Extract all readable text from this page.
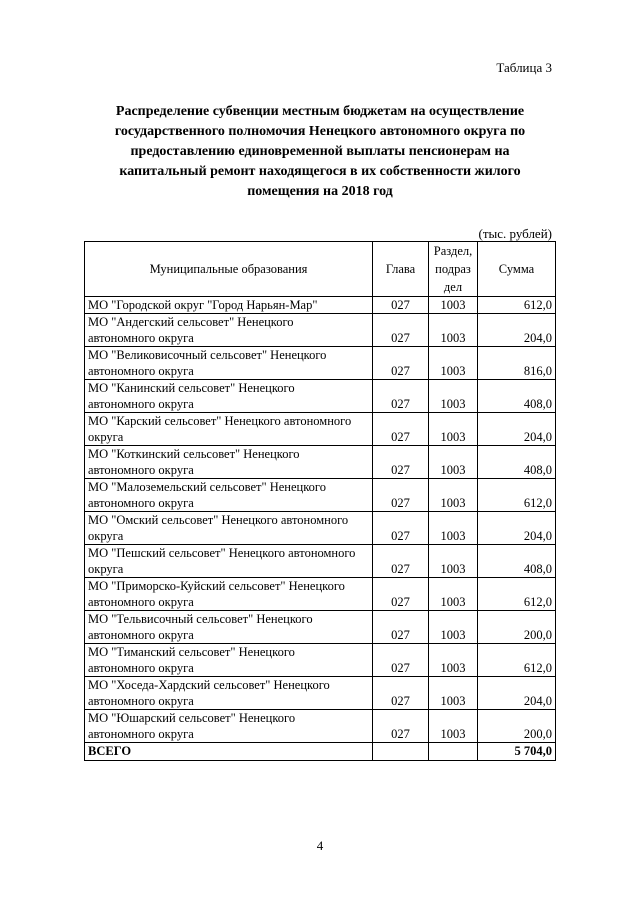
Таблица 3
Распределение субвенции местным бюджетам на осуществление
государственного полномочия Ненецкого автономного округа по
предоставлению единовременной выплаты пенсионерам на
капитальный ремонт находящегося в их собственности жилого
помещения на 2018 год
(тыс. рублей)
Муниципальные образования	Глава	Раздел,
подраз
дел	Сумма

МО "Городской округ "Город Нарьян-Мар"	027	1003	612,0

МО "Андегский сельсовет" Ненецкого
автономного округа	027	1003	204,0

МО "Великовисочный сельсовет" Ненецкого
автономного округа	027	1003	816,0

МО "Канинский сельсовет" Ненецкого
автономного округа	027	1003	408,0

МО "Карский сельсовет" Ненецкого автономного
округа	027	1003	204,0

МО "Коткинский сельсовет" Ненецкого
автономного округа	027	1003	408,0

МО "Малоземельский сельсовет" Ненецкого
автономного округа	027	1003	612,0

МО "Омский сельсовет" Ненецкого автономного
округа	027	1003	204,0

МО "Пешский сельсовет" Ненецкого автономного
округа	027	1003	408,0

МО "Приморско-Куйский сельсовет" Ненецкого
автономного округа	027	1003	612,0

МО "Тельвисочный сельсовет" Ненецкого
автономного округа	027	1003	200,0

МО "Тиманский сельсовет" Ненецкого
автономного округа	027	1003	612,0

МО "Хоседа-Хардский сельсовет" Ненецкого
автономного округа	027	1003	204,0

МО "Юшарский сельсовет" Ненецкого
автономного округа	027	1003	200,0
ВСЕГО			5 704,0
4
